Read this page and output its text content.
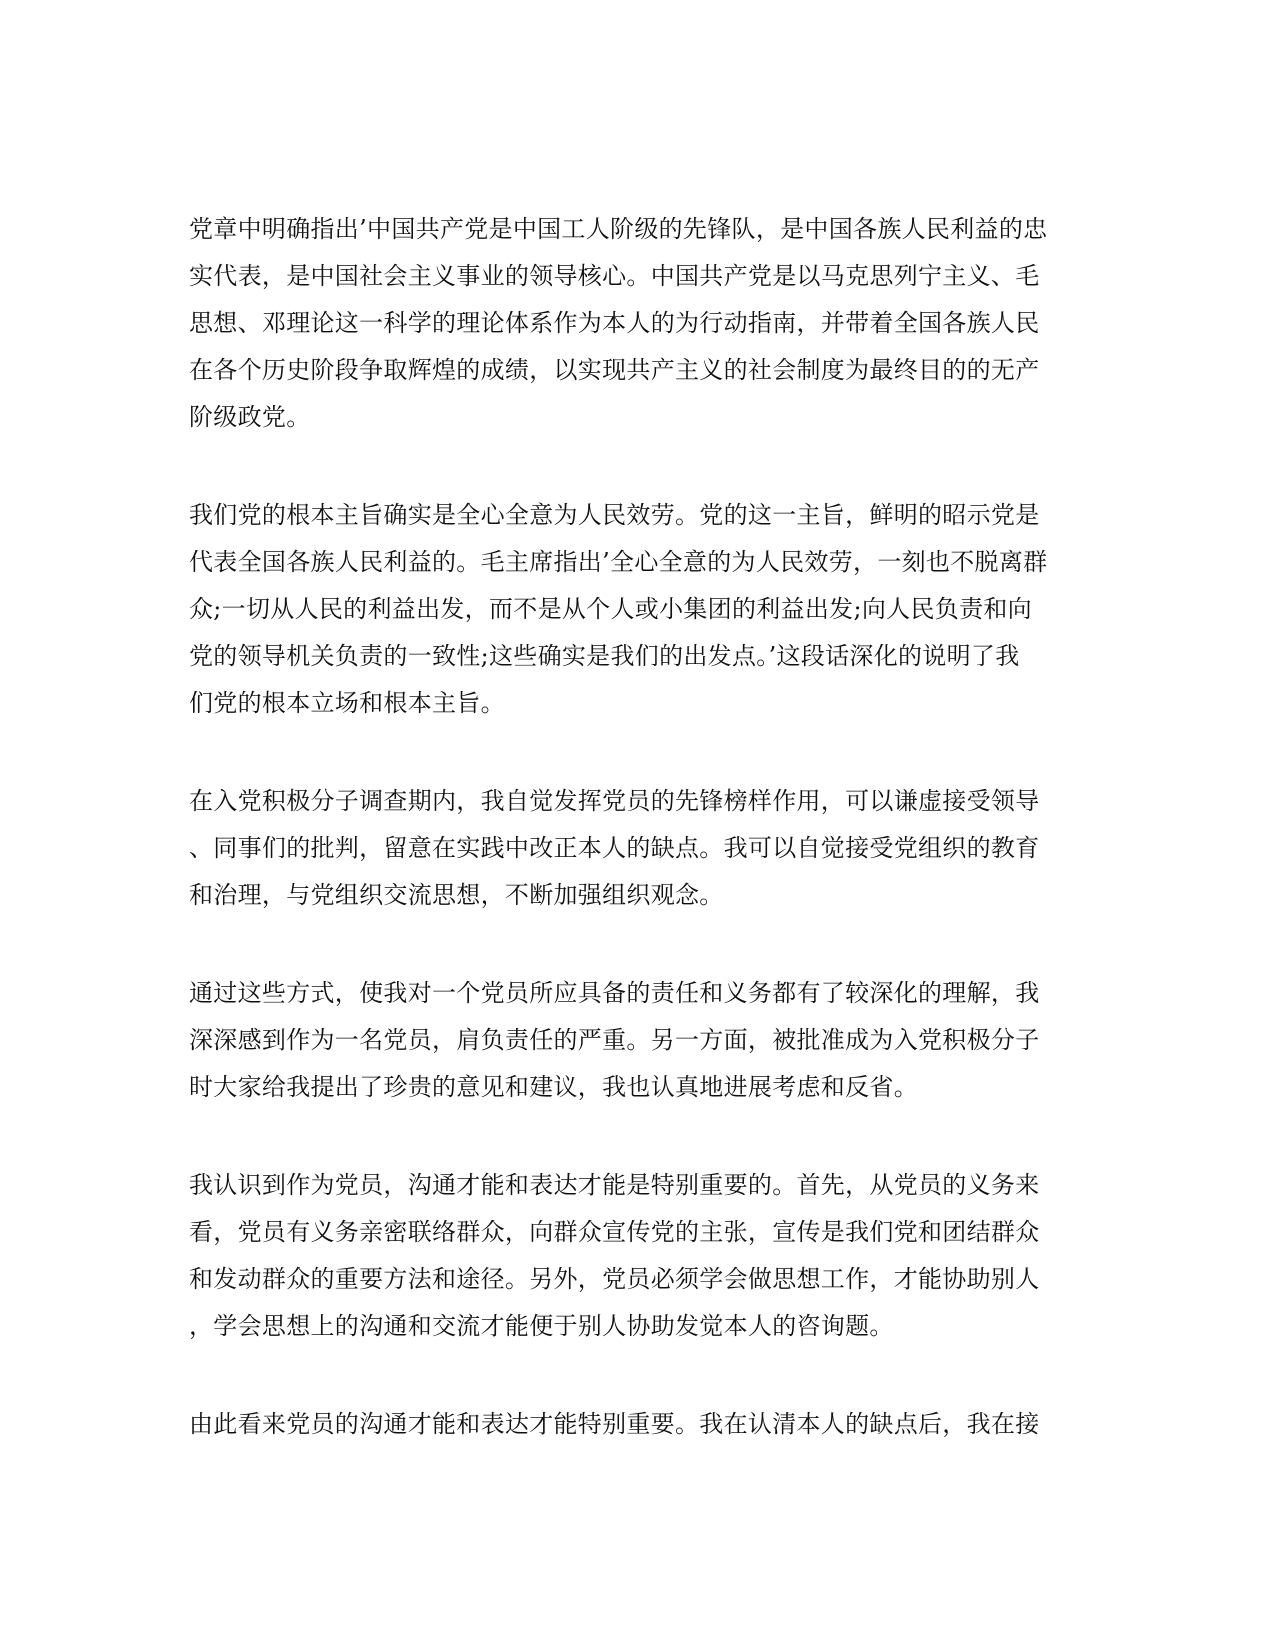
党章中明确指出’中国共产党是中国工人阶级的先锋队，是中国各族人民利益的忠
实代表，是中国社会主义事业的领导核心。中国共产党是以马克思列宁主义、毛
思想、邓理论这一科学的理论体系作为本人的为行动指南，并带着全国各族人民
在各个历史阶段争取辉煌的成绩，以实现共产主义的社会制度为最终目的的无产
阶级政党。
我们党的根本主旨确实是全心全意为人民效劳。党的这一主旨，鲜明的昭示党是
代表全国各族人民利益的。毛主席指出’全心全意的为人民效劳，一刻也不脱离群
众;一切从人民的利益出发，而不是从个人或小集团的利益出发;向人民负责和向
党的领导机关负责的一致性;这些确实是我们的出发点。’这段话深化的说明了我
们党的根本立场和根本主旨。
在入党积极分子调查期内，我自觉发挥党员的先锋榜样作用，可以谦虚接受领导
、同事们的批判，留意在实践中改正本人的缺点。我可以自觉接受党组织的教育
和治理，与党组织交流思想，不断加强组织观念。
通过这些方式，使我对一个党员所应具备的责任和义务都有了较深化的理解，我
深深感到作为一名党员，肩负责任的严重。另一方面，被批准成为入党积极分子
时大家给我提出了珍贵的意见和建议，我也认真地进展考虑和反省。
我认识到作为党员，沟通才能和表达才能是特别重要的。首先，从党员的义务来
看，党员有义务亲密联络群众，向群众宣传党的主张，宣传是我们党和团结群众
和发动群众的重要方法和途径。另外，党员必须学会做思想工作，才能协助别人
，学会思想上的沟通和交流才能便于别人协助发觉本人的咨询题。
由此看来党员的沟通才能和表达才能特别重要。我在认清本人的缺点后，我在接
